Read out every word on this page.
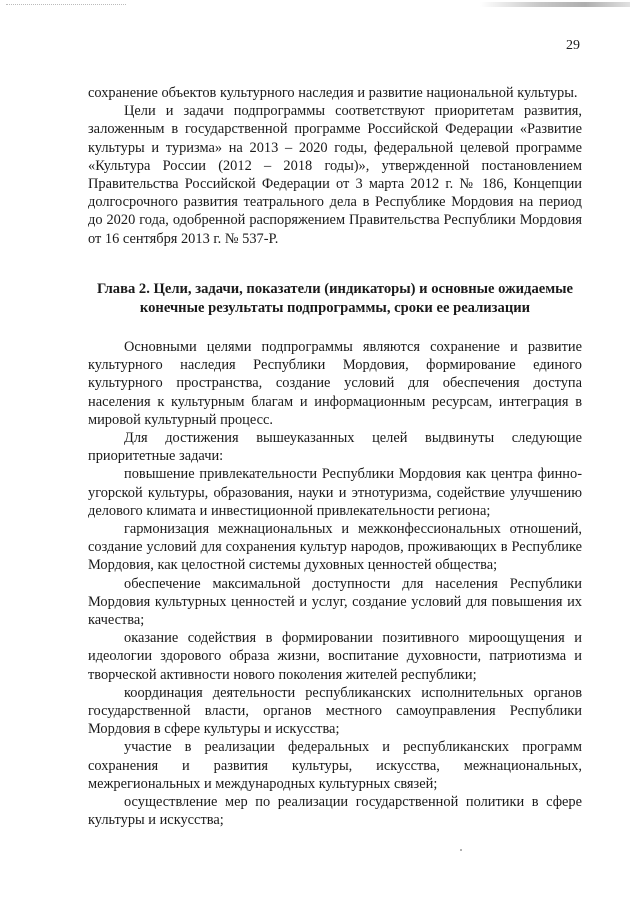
29

сохранение объектов культурного наследия и развитие национальной культуры.

Цели и задачи подпрограммы соответствуют приоритетам развития, заложенным в государственной программе Российской Федерации «Развитие культуры и туризма» на 2013 – 2020 годы, федеральной целевой программе «Культура России (2012 – 2018 годы)», утвержденной постановлением Правительства Российской Федерации от 3 марта 2012 г. № 186, Концепции долгосрочного развития театрального дела в Республике Мордовия на период до 2020 года, одобренной распоряжением Правительства Республики Мордовия от 16 сентября 2013 г. № 537-Р.

Глава 2. Цели, задачи, показатели (индикаторы) и основные ожидаемые конечные результаты подпрограммы, сроки ее реализации

Основными целями подпрограммы являются сохранение и развитие культурного наследия Республики Мордовия, формирование единого культурного пространства, создание условий для обеспечения доступа населения к культурным благам и информационным ресурсам, интеграция в мировой культурный процесс.

Для достижения вышеуказанных целей выдвинуты следующие приоритетные задачи:

повышение привлекательности Республики Мордовия как центра финно-угорской культуры, образования, науки и этнотуризма, содействие улучшению делового климата и инвестиционной привлекательности региона;

гармонизация межнациональных и межконфессиональных отношений, создание условий для сохранения культур народов, проживающих в Республике Мордовия, как целостной системы духовных ценностей общества;

обеспечение максимальной доступности для населения Республики Мордовия культурных ценностей и услуг, создание условий для повышения их качества;

оказание содействия в формировании позитивного мироощущения и идеологии здорового образа жизни, воспитание духовности, патриотизма и творческой активности нового поколения жителей республики;

координация деятельности республиканских исполнительных органов государственной власти, органов местного самоуправления Республики Мордовия в сфере культуры и искусства;

участие в реализации федеральных и республиканских программ сохранения и развития культуры, искусства, межнациональных, межрегиональных и международных культурных связей;

осуществление мер по реализации государственной политики в сфере культуры и искусства;
